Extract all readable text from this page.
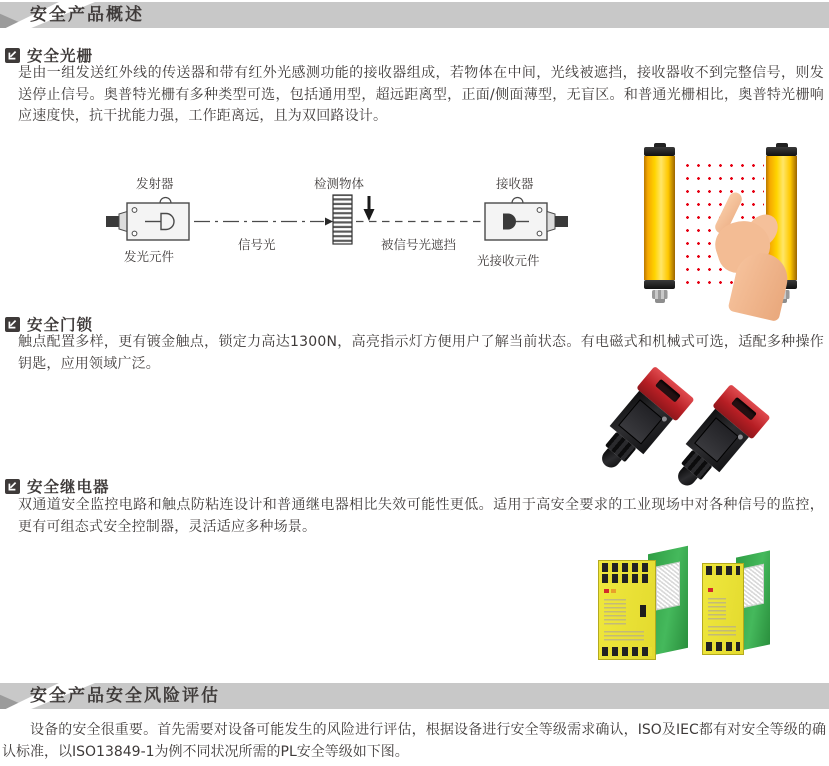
安全产品概述
安全光栅

是由一组发送红外线的传送器和带有红外光感测功能的接收器组成，若物体在中间，光线被遮挡，接收器收不到完整信号，则发送停止信号。奥普特光栅有多种类型可选，包括通用型，超远距离型，正面/侧面薄型，无盲区。和普通光栅相比，奥普特光栅响应速度快，抗干扰能力强，工作距离远，且为双回路设计。

发射器
发光元件
信号光
检测物体
被信号光遮挡
接收器
光接收元件
安全门锁

触点配置多样，更有镀金触点，锁定力高达1300N，高亮指示灯方便用户了解当前状态。有电磁式和机械式可选，适配多种操作钥匙，应用领域广泛。

安全继电器

双通道安全监控电路和触点防粘连设计和普通继电器相比失效可能性更低。适用于高安全要求的工业现场中对各种信号的监控，更有可组态式安全控制器，灵活适应多种场景。

安全产品安全风险评估

设备的安全很重要。首先需要对设备可能发生的风险进行评估，根据设备进行安全等级需求确认，ISO及IEC都有对安全等级的确认标准，以ISO13849-1为例不同状况所需的PL安全等级如下图。
